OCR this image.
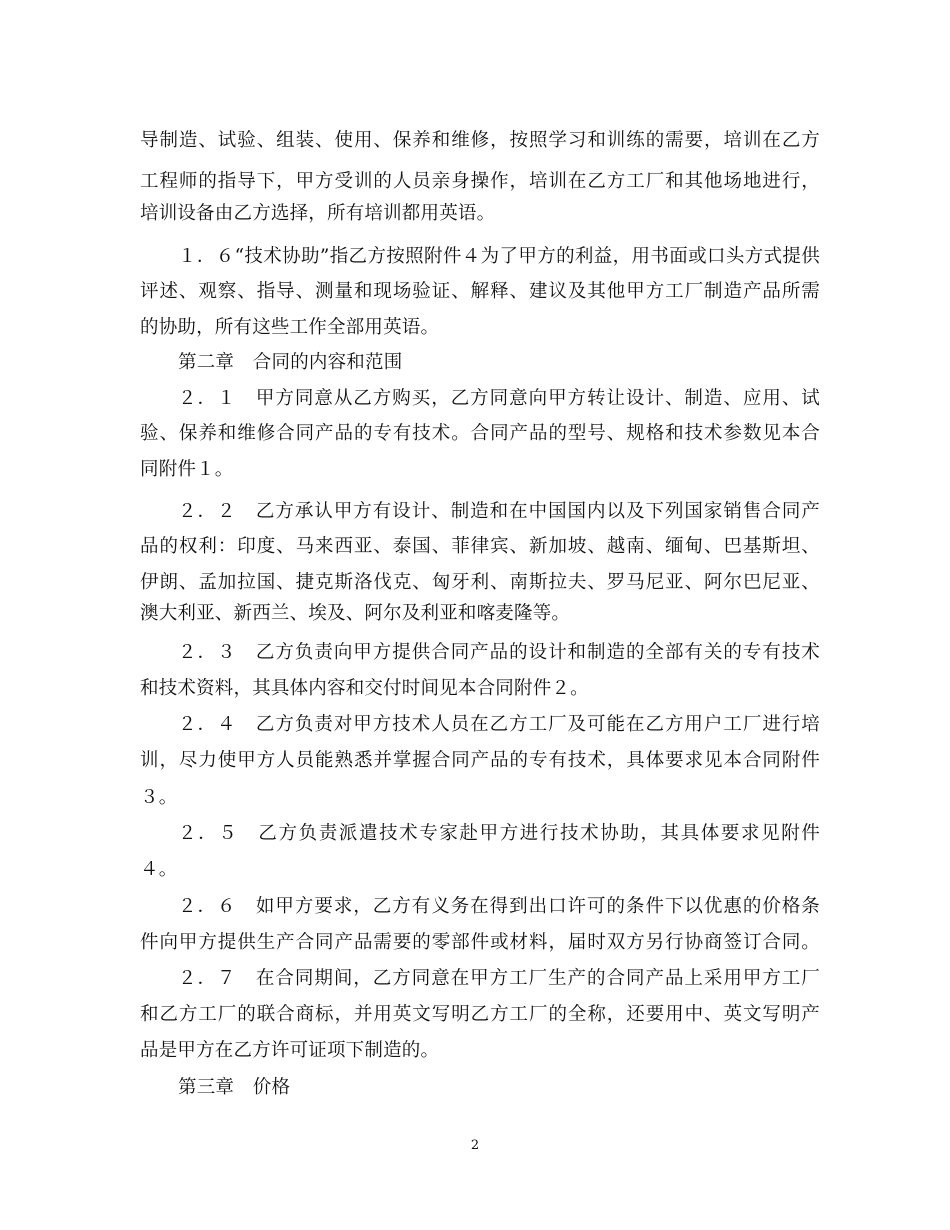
导制造、试验、组装、使用、保养和维修，按照学习和训练的需要，培训在乙方
工程师的指导下，甲方受训的人员亲身操作，培训在乙方工厂和其他场地进行，
培训设备由乙方选择，所有培训都用英语。
１．６“技术协助”指乙方按照附件４为了甲方的利益，用书面或口头方式提供
评述、观察、指导、测量和现场验证、解释、建议及其他甲方工厂制造产品所需
的协助，所有这些工作全部用英语。
第二章　合同的内容和范围
２．１　甲方同意从乙方购买，乙方同意向甲方转让设计、制造、应用、试
验、保养和维修合同产品的专有技术。合同产品的型号、规格和技术参数见本合
同附件１。
２．２　乙方承认甲方有设计、制造和在中国国内以及下列国家销售合同产
品的权利：印度、马来西亚、泰国、菲律宾、新加坡、越南、缅甸、巴基斯坦、
伊朗、孟加拉国、捷克斯洛伐克、匈牙利、南斯拉夫、罗马尼亚、阿尔巴尼亚、
澳大利亚、新西兰、埃及、阿尔及利亚和喀麦隆等。
２．３　乙方负责向甲方提供合同产品的设计和制造的全部有关的专有技术
和技术资料，其具体内容和交付时间见本合同附件２。
２．４　乙方负责对甲方技术人员在乙方工厂及可能在乙方用户工厂进行培
训，尽力使甲方人员能熟悉并掌握合同产品的专有技术，具体要求见本合同附件
３。
２．５　乙方负责派遣技术专家赴甲方进行技术协助，其具体要求见附件
４。
２．６　如甲方要求，乙方有义务在得到出口许可的条件下以优惠的价格条
件向甲方提供生产合同产品需要的零部件或材料，届时双方另行协商签订合同。
２．７　在合同期间，乙方同意在甲方工厂生产的合同产品上采用甲方工厂
和乙方工厂的联合商标，并用英文写明乙方工厂的全称，还要用中、英文写明产
品是甲方在乙方许可证项下制造的。
第三章　价格
2
